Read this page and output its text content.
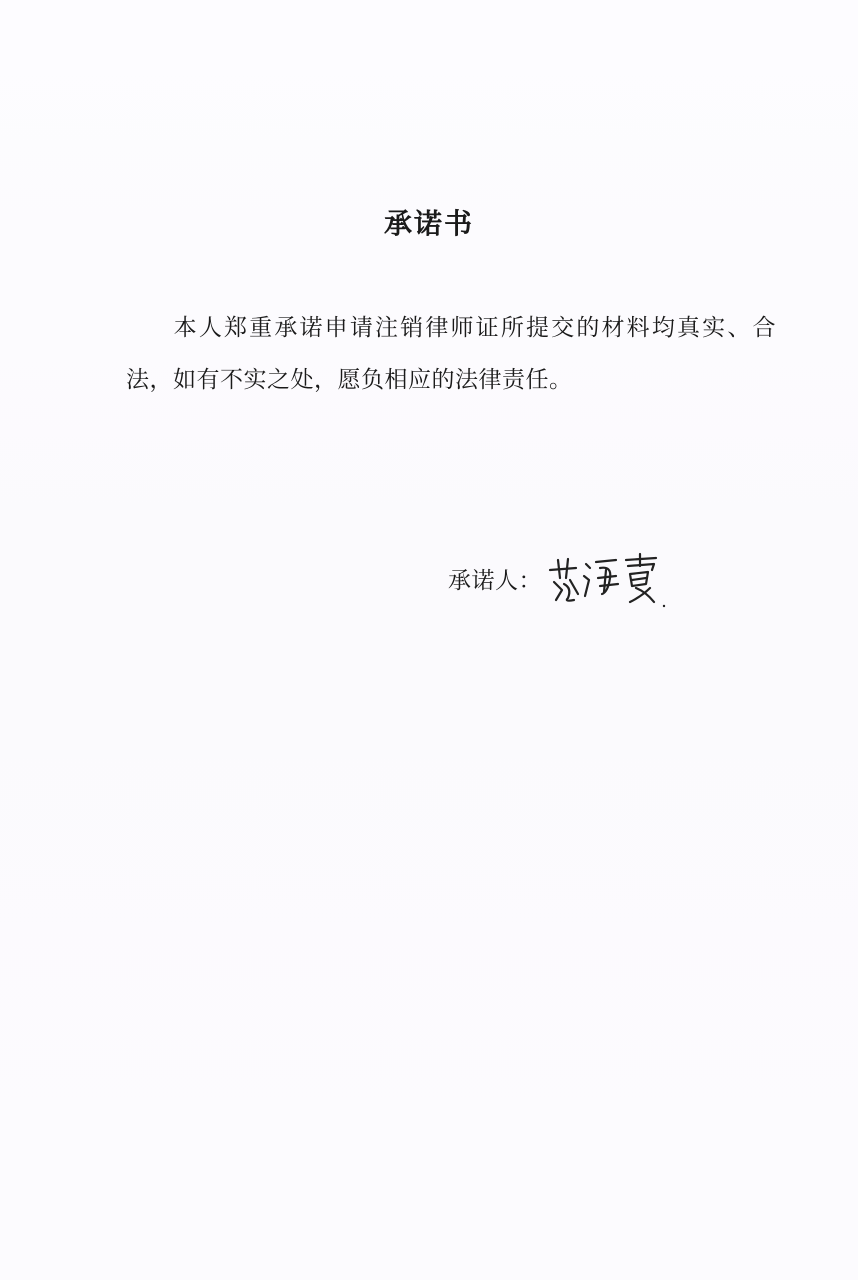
承诺书
本人郑重承诺申请注销律师证所提交的材料均真实、合法，如有不实之处，愿负相应的法律责任。
承诺人：
